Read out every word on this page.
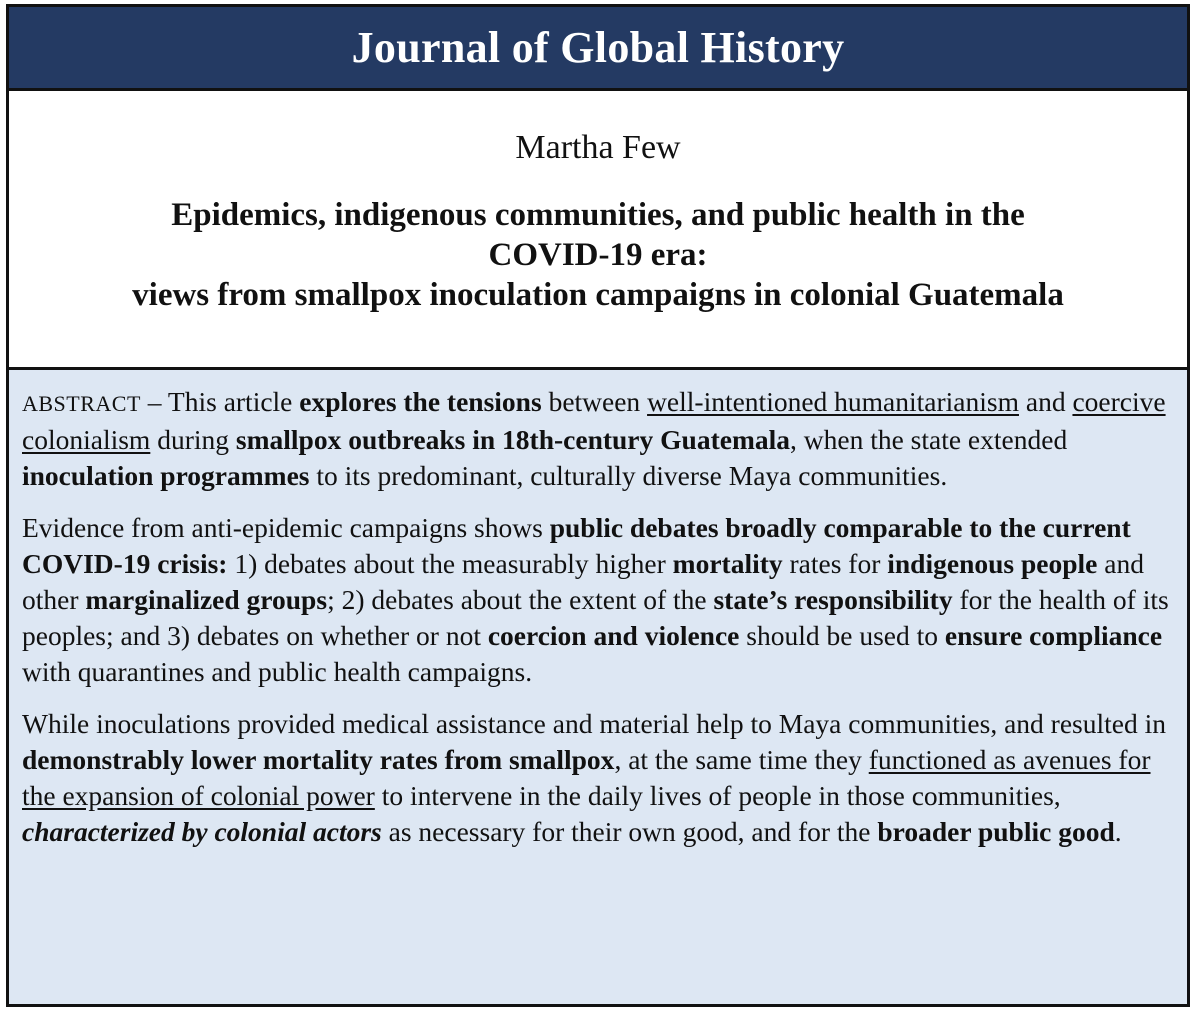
Journal of Global History
Martha Few
Epidemics, indigenous communities, and public health in the
COVID-19 era:
views from smallpox inoculation campaigns in colonial Guatemala

ABSTRACT – This article explores the tensions between well-intentioned humanitarianism and coercive colonialism during smallpox outbreaks in 18th-century Guatemala, when the state extended inoculation programmes to its predominant, culturally diverse Maya communities.

Evidence from anti-epidemic campaigns shows public debates broadly comparable to the current COVID-19 crisis: 1) debates about the measurably higher mortality rates for indigenous people and other marginalized groups; 2) debates about the extent of the state’s responsibility for the health of its peoples; and 3) debates on whether or not coercion and violence should be used to ensure compliance with quarantines and public health campaigns.

While inoculations provided medical assistance and material help to Maya communities, and resulted in demonstrably lower mortality rates from smallpox, at the same time they functioned as avenues for the expansion of colonial power to intervene in the daily lives of people in those communities, characterized by colonial actors as necessary for their own good, and for the broader public good.
